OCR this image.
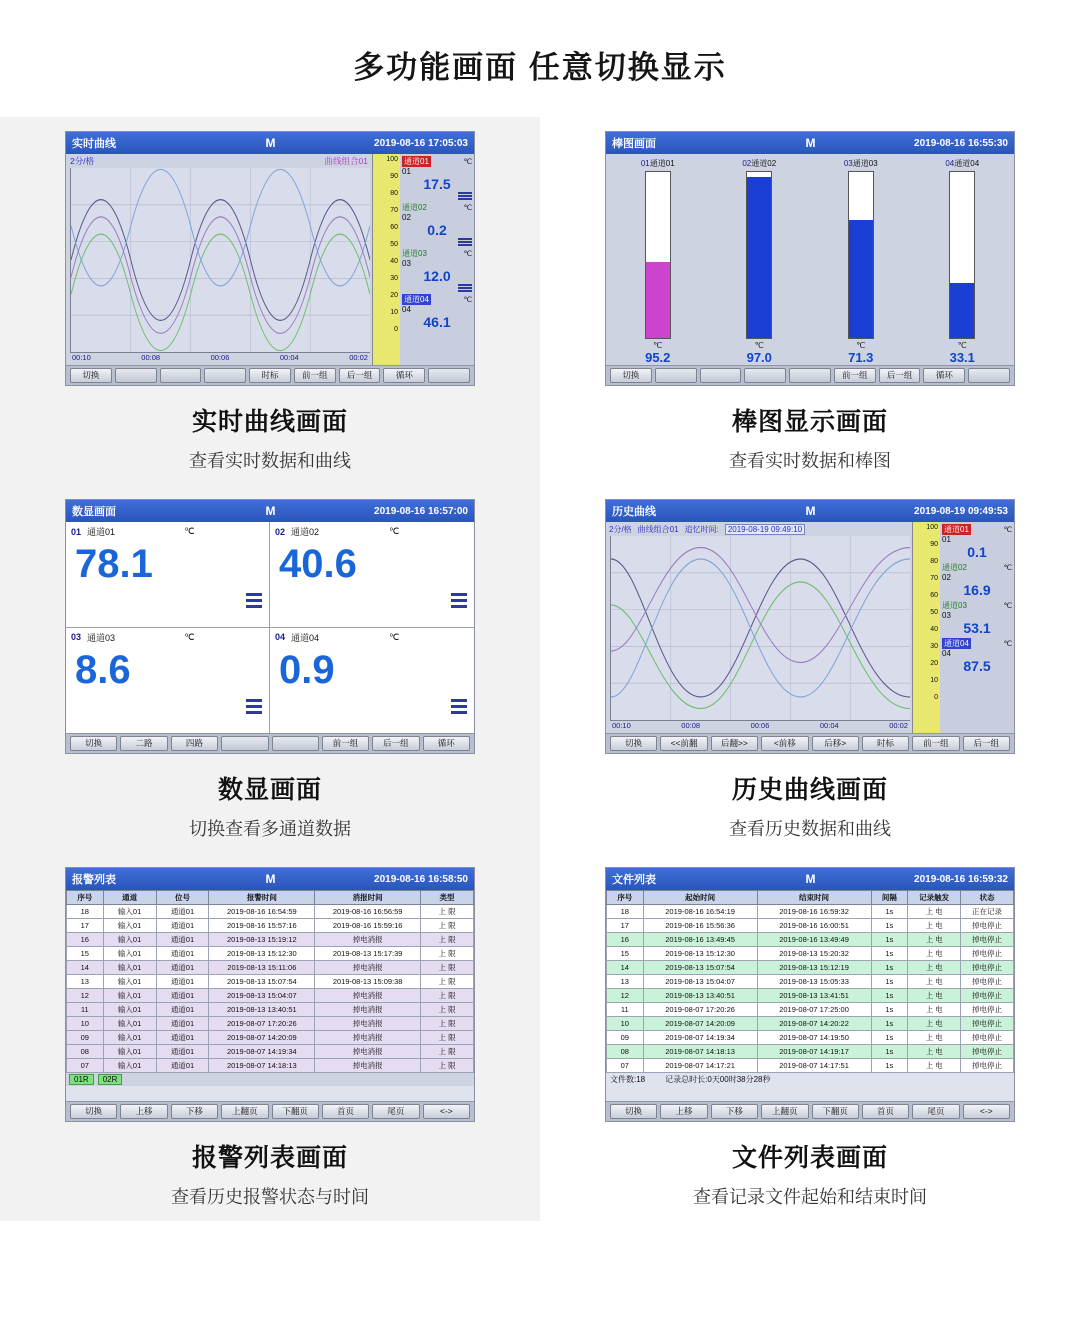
多功能画面 任意切换显示
实时曲线	M	2019-08-16 17:05:03
2分/格	曲线组合01
00:10	00:08	00:06	00:04	00:02
100
90
80
70
60
50
40
30
20
10
0
通道01	℃
01
17.5
通道02	℃
02
0.2
通道03	℃
03
12.0
通道04	℃
04
46.1
切换	时标	前一组	后一组	循环
实时曲线画面
查看实时数据和曲线
棒图画面	M	2019-08-16 16:55:30
01通道01
℃
95.2
02通道02
℃
97.0
03通道03
℃
71.3
04通道04
℃
33.1
切换	前一组	后一组	循环
棒图显示画面
查看实时数据和棒图
数显画面	M	2019-08-16 16:57:00
01 通道01	℃
78.1
02 通道02	℃
40.6
03 通道03	℃
8.6
04 通道04	℃
0.9
切换	二路	四路	前一组	后一组	循环
数显画面
切换查看多通道数据
历史曲线	M	2019-08-19 09:49:53
2分/格 曲线组合01 追忆时间:	2019-08-19 09:49:10
00:10	00:08	00:06	00:04	00:02
100
90
80
70
60
50
40
30
20
10
0
通道01	℃
01
0.1
通道02	℃
02
16.9
通道03	℃
03
53.1
通道04	℃
04
87.5
切换	<<前翻	后翻>>	<前移	后移>	时标	前一组	后一组
历史曲线画面
查看历史数据和曲线
报警列表	M	2019-08-16 16:58:50
序号	通道	位号	报警时间	消报时间	类型
18	输入01	通道01	2019-08-16 16:54:59	2019-08-16 16:56:59	上 限
17	输入01	通道01	2019-08-16 15:57:16	2019-08-16 15:59:16	上 限
16	输入01	通道01	2019-08-13 15:19:12	掉电消报	上 限
15	输入01	通道01	2019-08-13 15:12:30	2019-08-13 15:17:39	上 限
14	输入01	通道01	2019-08-13 15:11:06	掉电消报	上 限
13	输入01	通道01	2019-08-13 15:07:54	2019-08-13 15:09:38	上 限
12	输入01	通道01	2019-08-13 15:04:07	掉电消报	上 限
11	输入01	通道01	2019-08-13 13:40:51	掉电消报	上 限
10	输入01	通道01	2019-08-07 17:20:26	掉电消报	上 限
09	输入01	通道01	2019-08-07 14:20:09	掉电消报	上 限
08	输入01	通道01	2019-08-07 14:19:34	掉电消报	上 限
07	输入01	通道01	2019-08-07 14:18:13	掉电消报	上 限
01R	02R
切换	上移	下移	上翻页	下翻页	首页	尾页	<->
报警列表画面
查看历史报警状态与时间
文件列表	M	2019-08-16 16:59:32
序号	起始时间	结束时间	间隔	记录触发	状态
18	2019-08-16 16:54:19	2019-08-16 16:59:32	1s	上 电	正在记录
17	2019-08-16 15:56:36	2019-08-16 16:00:51	1s	上 电	掉电停止
16	2019-08-16 13:49:45	2019-08-16 13:49:49	1s	上 电	掉电停止
15	2019-08-13 15:12:30	2019-08-13 15:20:32	1s	上 电	掉电停止
14	2019-08-13 15:07:54	2019-08-13 15:12:19	1s	上 电	掉电停止
13	2019-08-13 15:04:07	2019-08-13 15:05:33	1s	上 电	掉电停止
12	2019-08-13 13:40:51	2019-08-13 13:41:51	1s	上 电	掉电停止
11	2019-08-07 17:20:26	2019-08-07 17:25:00	1s	上 电	掉电停止
10	2019-08-07 14:20:09	2019-08-07 14:20:22	1s	上 电	掉电停止
09	2019-08-07 14:19:34	2019-08-07 14:19:50	1s	上 电	掉电停止
08	2019-08-07 14:18:13	2019-08-07 14:19:17	1s	上 电	掉电停止
07	2019-08-07 14:17:21	2019-08-07 14:17:51	1s	上 电	掉电停止
文件数:18	记录总时长:0天00时38分28秒
切换	上移	下移	上翻页	下翻页	首页	尾页	<->
文件列表画面
查看记录文件起始和结束时间
